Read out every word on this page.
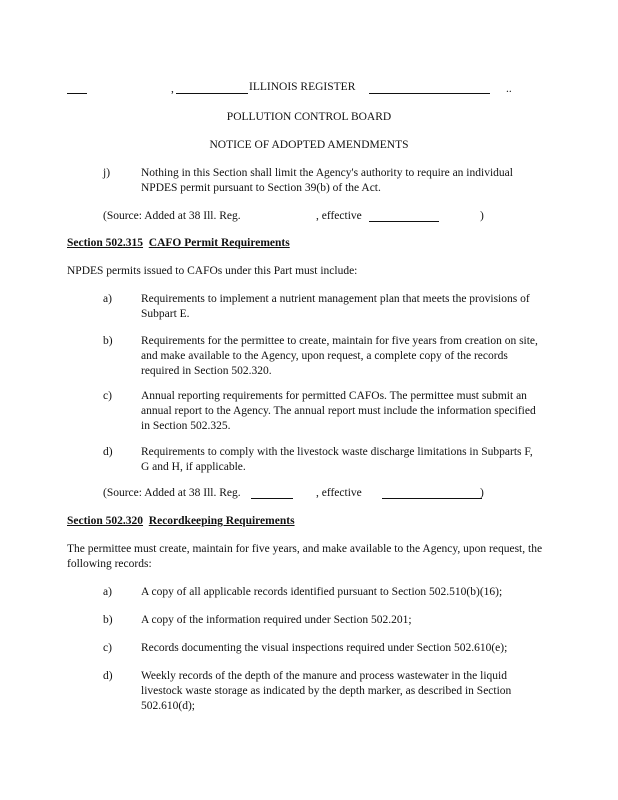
,	ILLINOIS REGISTER	..
POLLUTION CONTROL BOARD
NOTICE OF ADOPTED AMENDMENTS
j)	Nothing in this Section shall limit the Agency's authority to require an individual NPDES permit pursuant to Section 39(b) of the Act.
(Source: Added at 38 Ill. Reg.	, effective	)
Section 502.315 CAFO Permit Requirements
NPDES permits issued to CAFOs under this Part must include:
a)	Requirements to implement a nutrient management plan that meets the provisions of Subpart E.
b) Requirements for the permittee to create, maintain for five years from creation on site, and make available to the Agency, upon request, a complete copy of the records required in Section 502.320.
c)	Annual reporting requirements for permitted CAFOs. The permittee must submit an annual report to the Agency. The annual report must include the information specified in Section 502.325.
d) Requirements to comply with the livestock waste discharge limitations in Subparts F, G and H, if applicable.
(Source: Added at 38 Ill. Reg.	, effective	)
Section 502.320 Recordkeeping Requirements
The permittee must create, maintain for five years, and make available to the Agency, upon request, the following records:
a)	A copy of all applicable records identified pursuant to Section 502.510(b)(16);
b) A copy of the information required under Section 502.201;
c)	Records documenting the visual inspections required under Section 502.610(e);
d) Weekly records of the depth of the manure and process wastewater in the liquid livestock waste storage as indicated by the depth marker, as described in Section 502.610(d);
